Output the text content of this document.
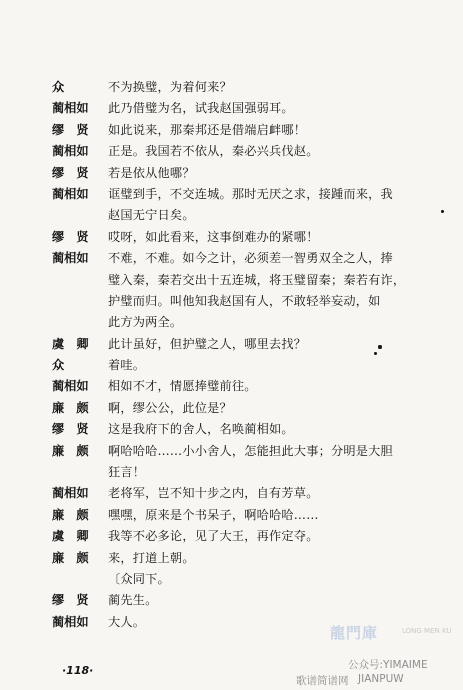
众	不为换璧，为着何来？
蔺相如	此乃借璧为名，试我赵国强弱耳。
缪　贤	如此说来，那秦邦还是借端启衅哪！
蔺相如	正是。我国若不依从，秦必兴兵伐赵。
缪　贤	若是依从他哪？
蔺相如	诓璧到手，不交连城。那时无厌之求，接踵而来，我
赵国无宁日矣。
缪　贤	哎呀，如此看来，这事倒难办的紧哪！
蔺相如	不难，不难。如今之计，必须差一智勇双全之人，捧
璧入秦，秦若交出十五连城，将玉璧留秦；秦若有诈，
护璧而归。叫他知我赵国有人，不敢轻举妄动，如
此方为两全。
虞　卿	此计虽好，但护璧之人，哪里去找？
众	着哇。
蔺相如	相如不才，情愿捧璧前往。
廉　颇	啊，缪公公，此位是？
缪　贤	这是我府下的舍人，名唤蔺相如。
廉　颇	啊哈哈哈……小小舍人，怎能担此大事；分明是大胆
狂言！
蔺相如	老将军，岂不知十步之内，自有芳草。
廉　颇	嘿嘿，原来是个书呆子，啊哈哈哈……
虞　卿	我等不必多论，见了大王，再作定夺。
廉　颇	来，打道上朝。
〔众同下。
缪　贤	蔺先生。
蔺相如	大人。
·118·
龍門庫	LONG MEN KU
公众号:YIMAIME
歌谱简谱网 JIANPUW
